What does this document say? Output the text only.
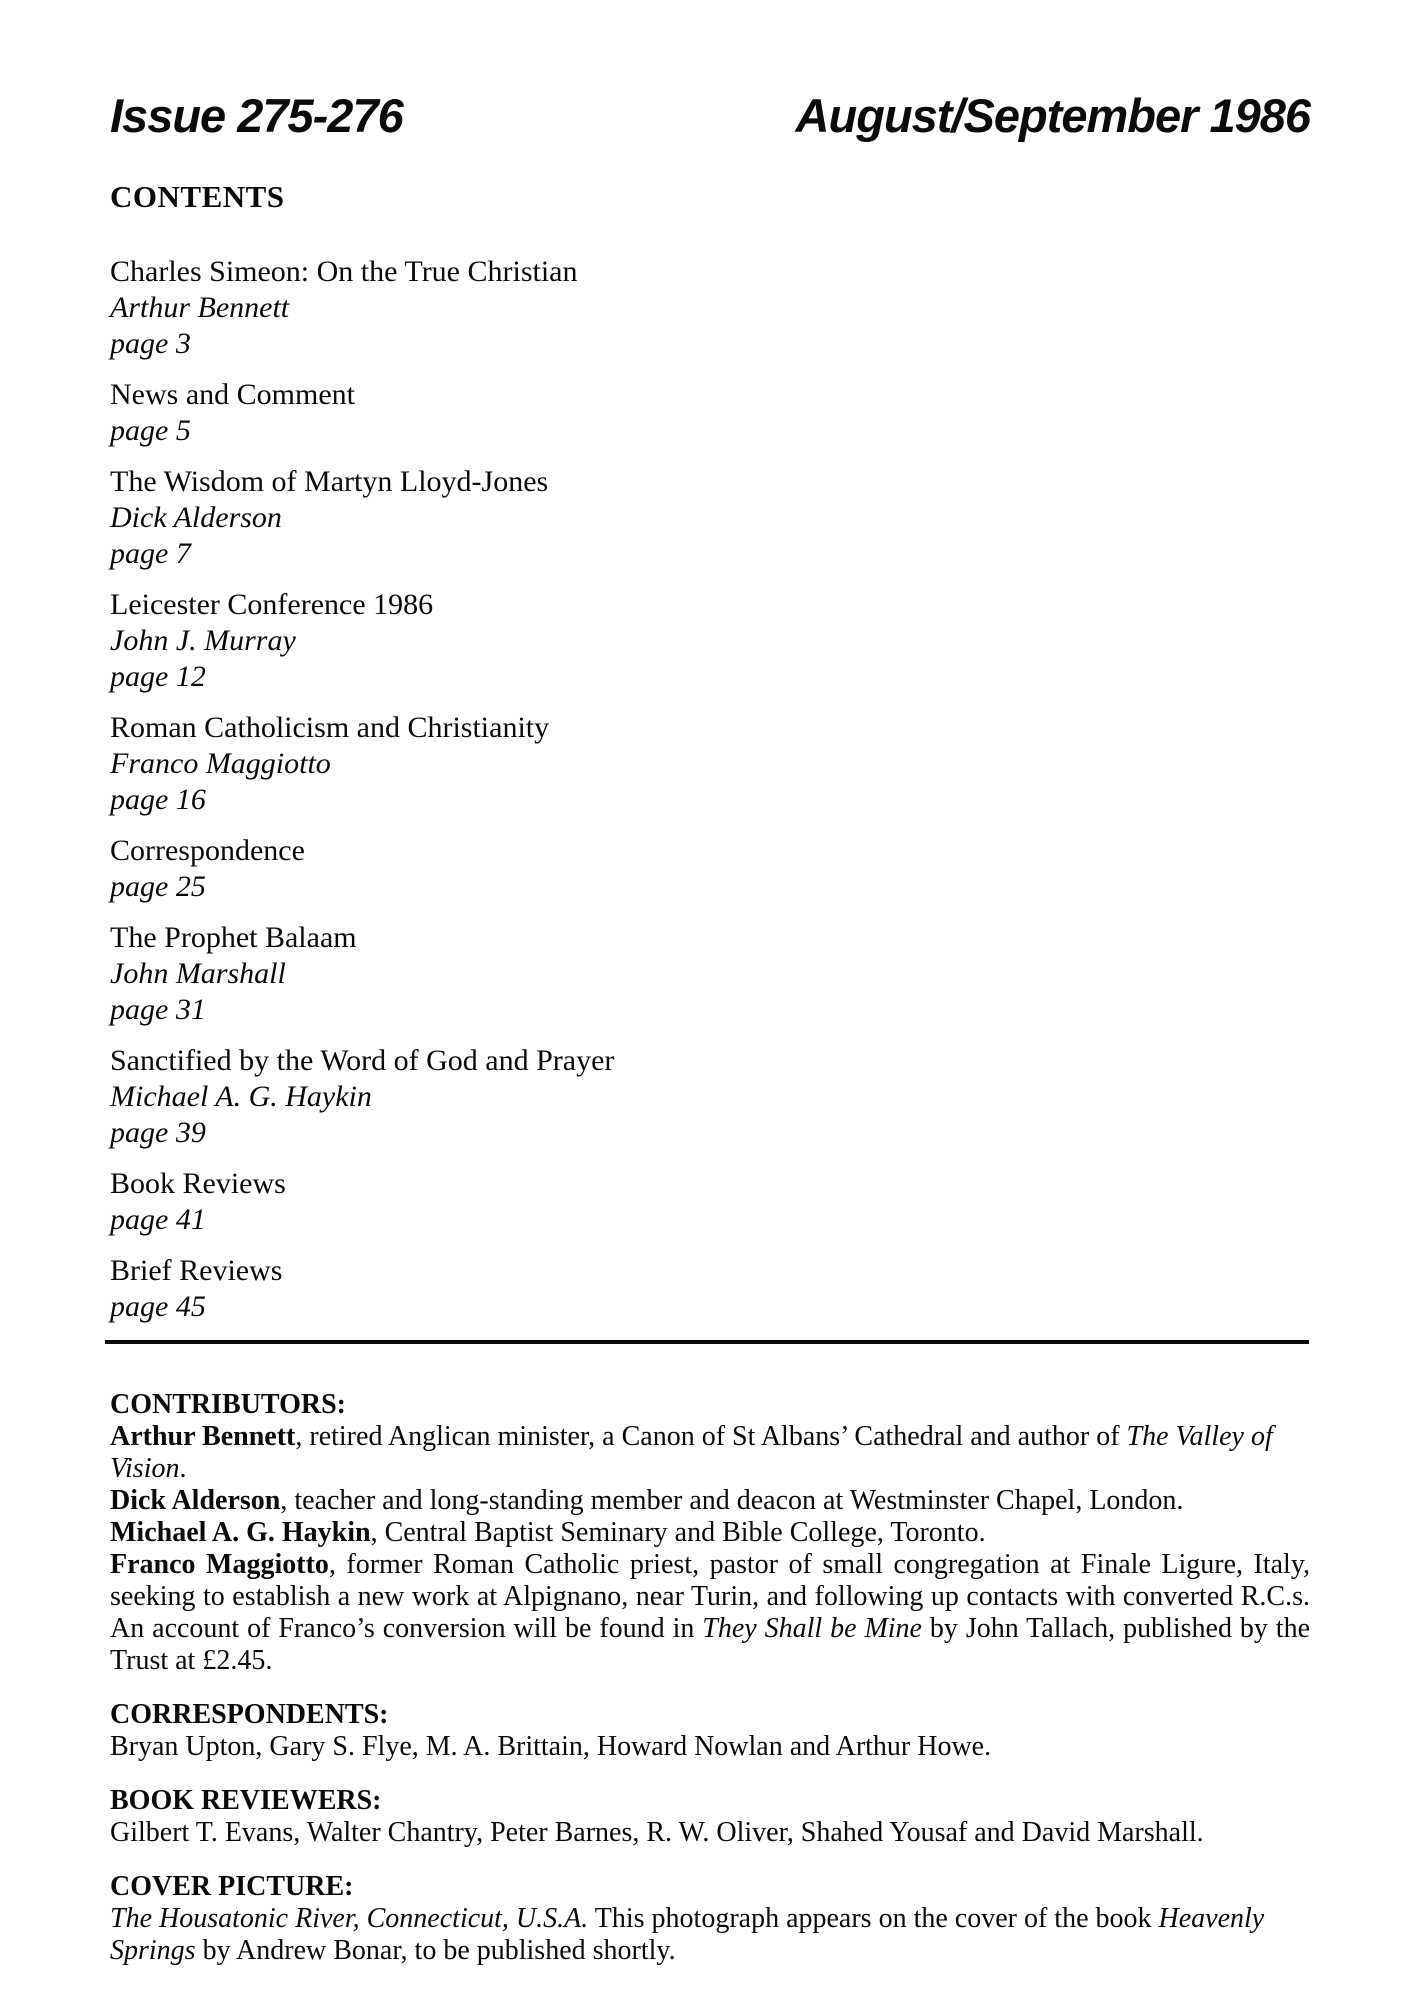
Issue 275-276	August/September 1986
CONTENTS
Charles Simeon: On the True Christian
Arthur Bennett
page 3
News and Comment
page 5
The Wisdom of Martyn Lloyd-Jones
Dick Alderson
page 7
Leicester Conference 1986
John J. Murray
page 12
Roman Catholicism and Christianity
Franco Maggiotto
page 16
Correspondence
page 25
The Prophet Balaam
John Marshall
page 31
Sanctified by the Word of God and Prayer
Michael A. G. Haykin
page 39
Book Reviews
page 41
Brief Reviews
page 45
CONTRIBUTORS:

Arthur Bennett, retired Anglican minister, a Canon of St Albans’ Cathedral and author of The Valley of Vision.

Dick Alderson, teacher and long-standing member and deacon at Westminster Chapel, London.

Michael A. G. Haykin, Central Baptist Seminary and Bible College, Toronto.

Franco Maggiotto, former Roman Catholic priest, pastor of small congregation at Finale Ligure, Italy, seeking to establish a new work at Alpignano, near Turin, and following up contacts with converted R.C.s. An account of Franco’s conversion will be found in They Shall be Mine by John Tallach, published by the Trust at £2.45.

CORRESPONDENTS:

Bryan Upton, Gary S. Flye, M. A. Brittain, Howard Nowlan and Arthur Howe.

BOOK REVIEWERS:

Gilbert T. Evans, Walter Chantry, Peter Barnes, R. W. Oliver, Shahed Yousaf and David Marshall.

COVER PICTURE:

The Housatonic River, Connecticut, U.S.A. This photograph appears on the cover of the book Heavenly Springs by Andrew Bonar, to be published shortly.
